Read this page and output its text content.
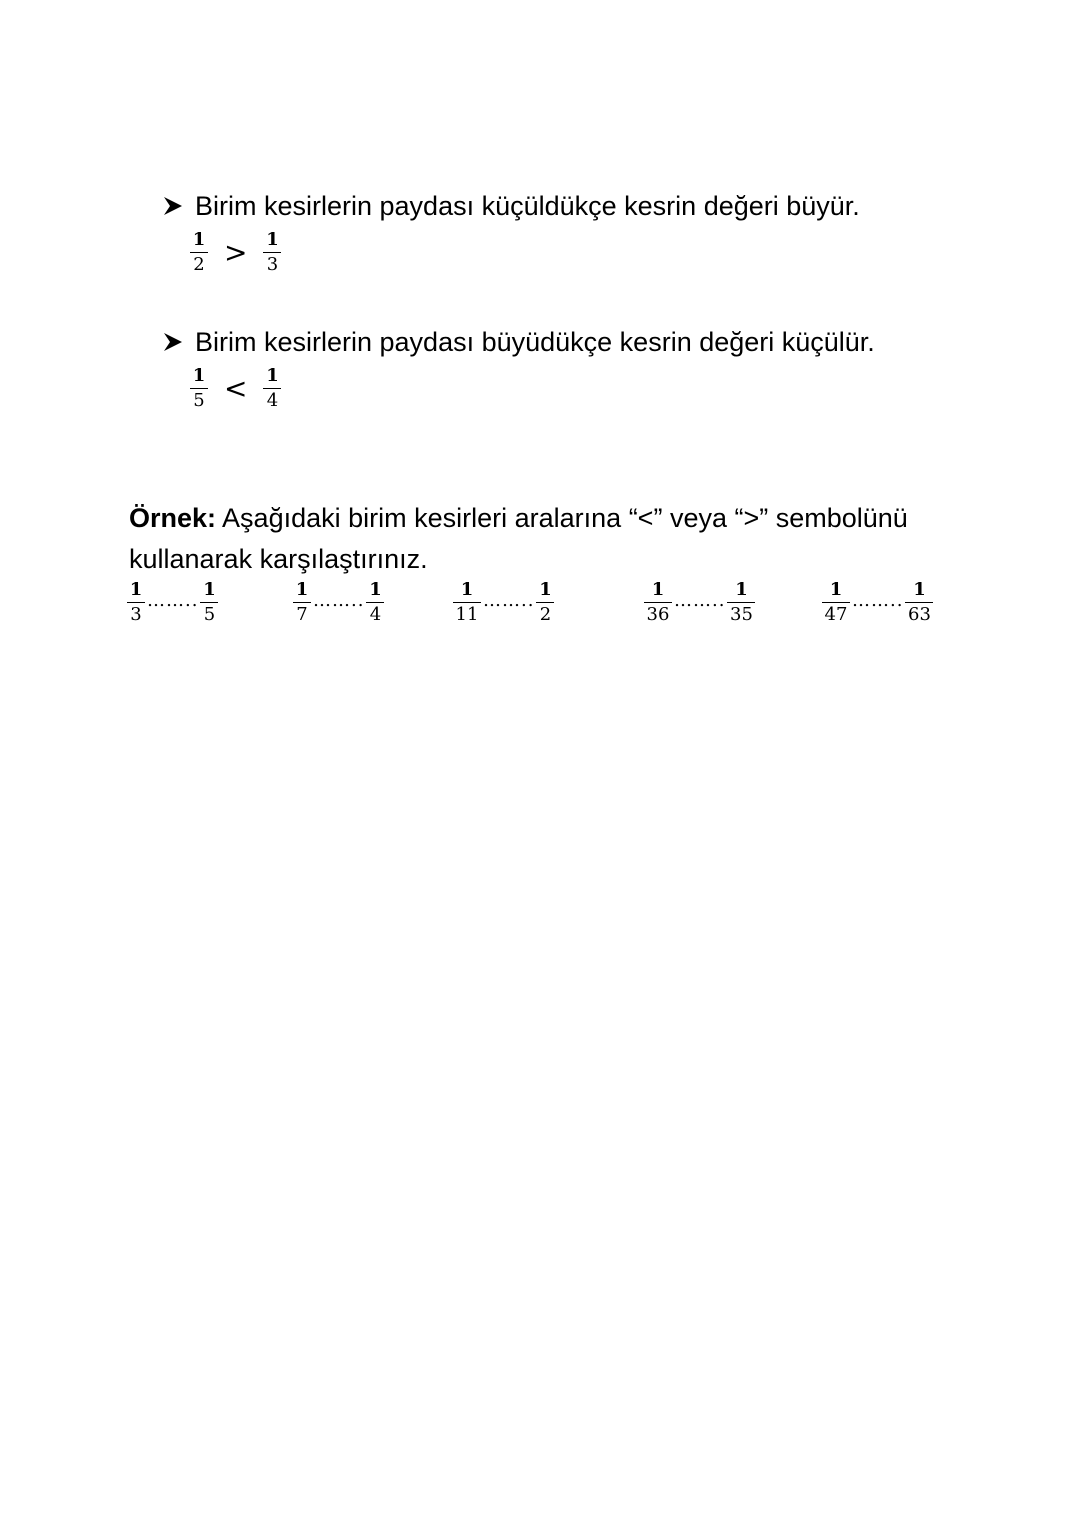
Birim kesirlerin paydası küçüldükçe kesrin değeri büyür.
$\frac{1}{2} > \frac{1}{3}$
Birim kesirlerin paydası büyüdükçe kesrin değeri küçülür.
$\frac{1}{5} < \frac{1}{4}$
Örnek: Aşağıdaki birim kesirleri aralarına “<” veya “>” sembolünü kullanarak karşılaştırınız.
$\frac{1}{3}$ …….. $\frac{1}{5}$	$\frac{1}{7}$ …….. $\frac{1}{4}$	$\frac{1}{11}$ …….. $\frac{1}{2}$	$\frac{1}{36}$ …….. $\frac{1}{35}$	$\frac{1}{47}$ …….. $\frac{1}{63}$
